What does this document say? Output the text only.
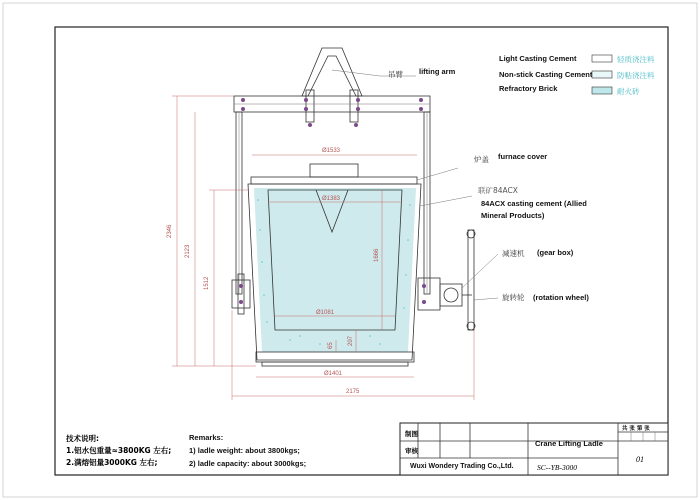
Light Casting Cement	轻质浇注料
Non-stick Casting Cement	防粘浇注料
Refractory Brick	耐火砖
2346
2123
1512
1666
207
65
Ø1533
Ø1383
Ø1081
Ø1401
2175
吊臂 lifting arm
炉盖 furnace cover
联矿84ACX
84ACX casting cement (Allied
Mineral Products)
减速机 (gear box)
旋转轮 (rotation wheel)
技术说明:
1.铝水包重量≈3800KG 左右;
2.满熔铝量3000KG 左右;
Remarks:
1) ladle weight: about 3800kgs;
2) ladle capacity: about 3000kgs;
制图
审核
Crane Lifting Ladle
共 张 第 张
Wuxi Wondery Trading Co.,Ltd.	SC--YB-3000
01
